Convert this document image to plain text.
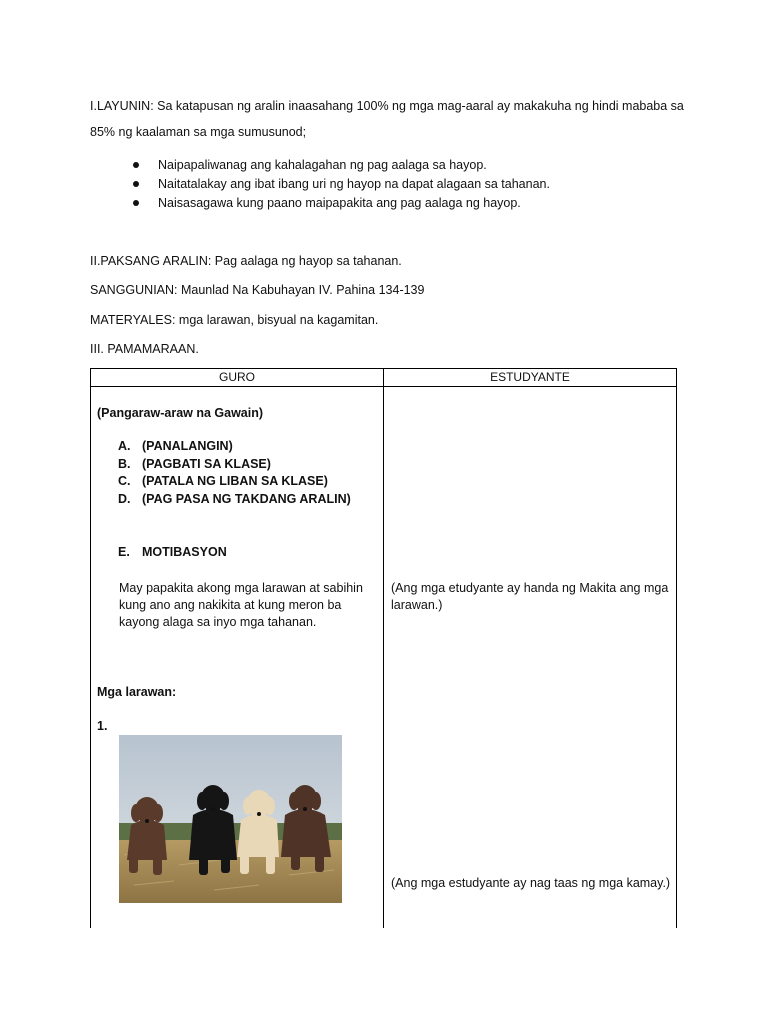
I.LAYUNIN: Sa katapusan ng aralin inaasahang 100% ng mga mag-aaral ay makakuha ng hindi mababa sa 85% ng kaalaman sa mga sumusunod;
Naipapaliwanag ang kahalagahan ng pag aalaga sa hayop.
Naitatalakay ang ibat ibang uri ng hayop na dapat alagaan sa tahanan.
Naisasagawa kung paano maipapakita ang pag aalaga ng hayop.
II.PAKSANG ARALIN: Pag aalaga ng hayop sa tahanan.
SANGGUNIAN: Maunlad Na Kabuhayan IV. Pahina 134-139
MATERYALES: mga larawan, bisyual na kagamitan.
III. PAMAMARAAN.
GURO	ESTUDYANTE
(Pangaraw-araw na Gawain)
A. (PANALANGIN)
B. (PAGBATI SA KLASE)
C. (PATALA NG LIBAN SA KLASE)
D. (PAG PASA NG TAKDANG ARALIN)
E. MOTIBASYON
May papakita akong mga larawan at sabihin kung ano ang nakikita at kung meron ba kayong alaga sa inyo mga tahanan.
Mga larawan:
1.
(Ang mga etudyante ay handa ng Makita ang mga larawan.)
(Ang mga estudyante ay nag taas ng mga kamay.)
